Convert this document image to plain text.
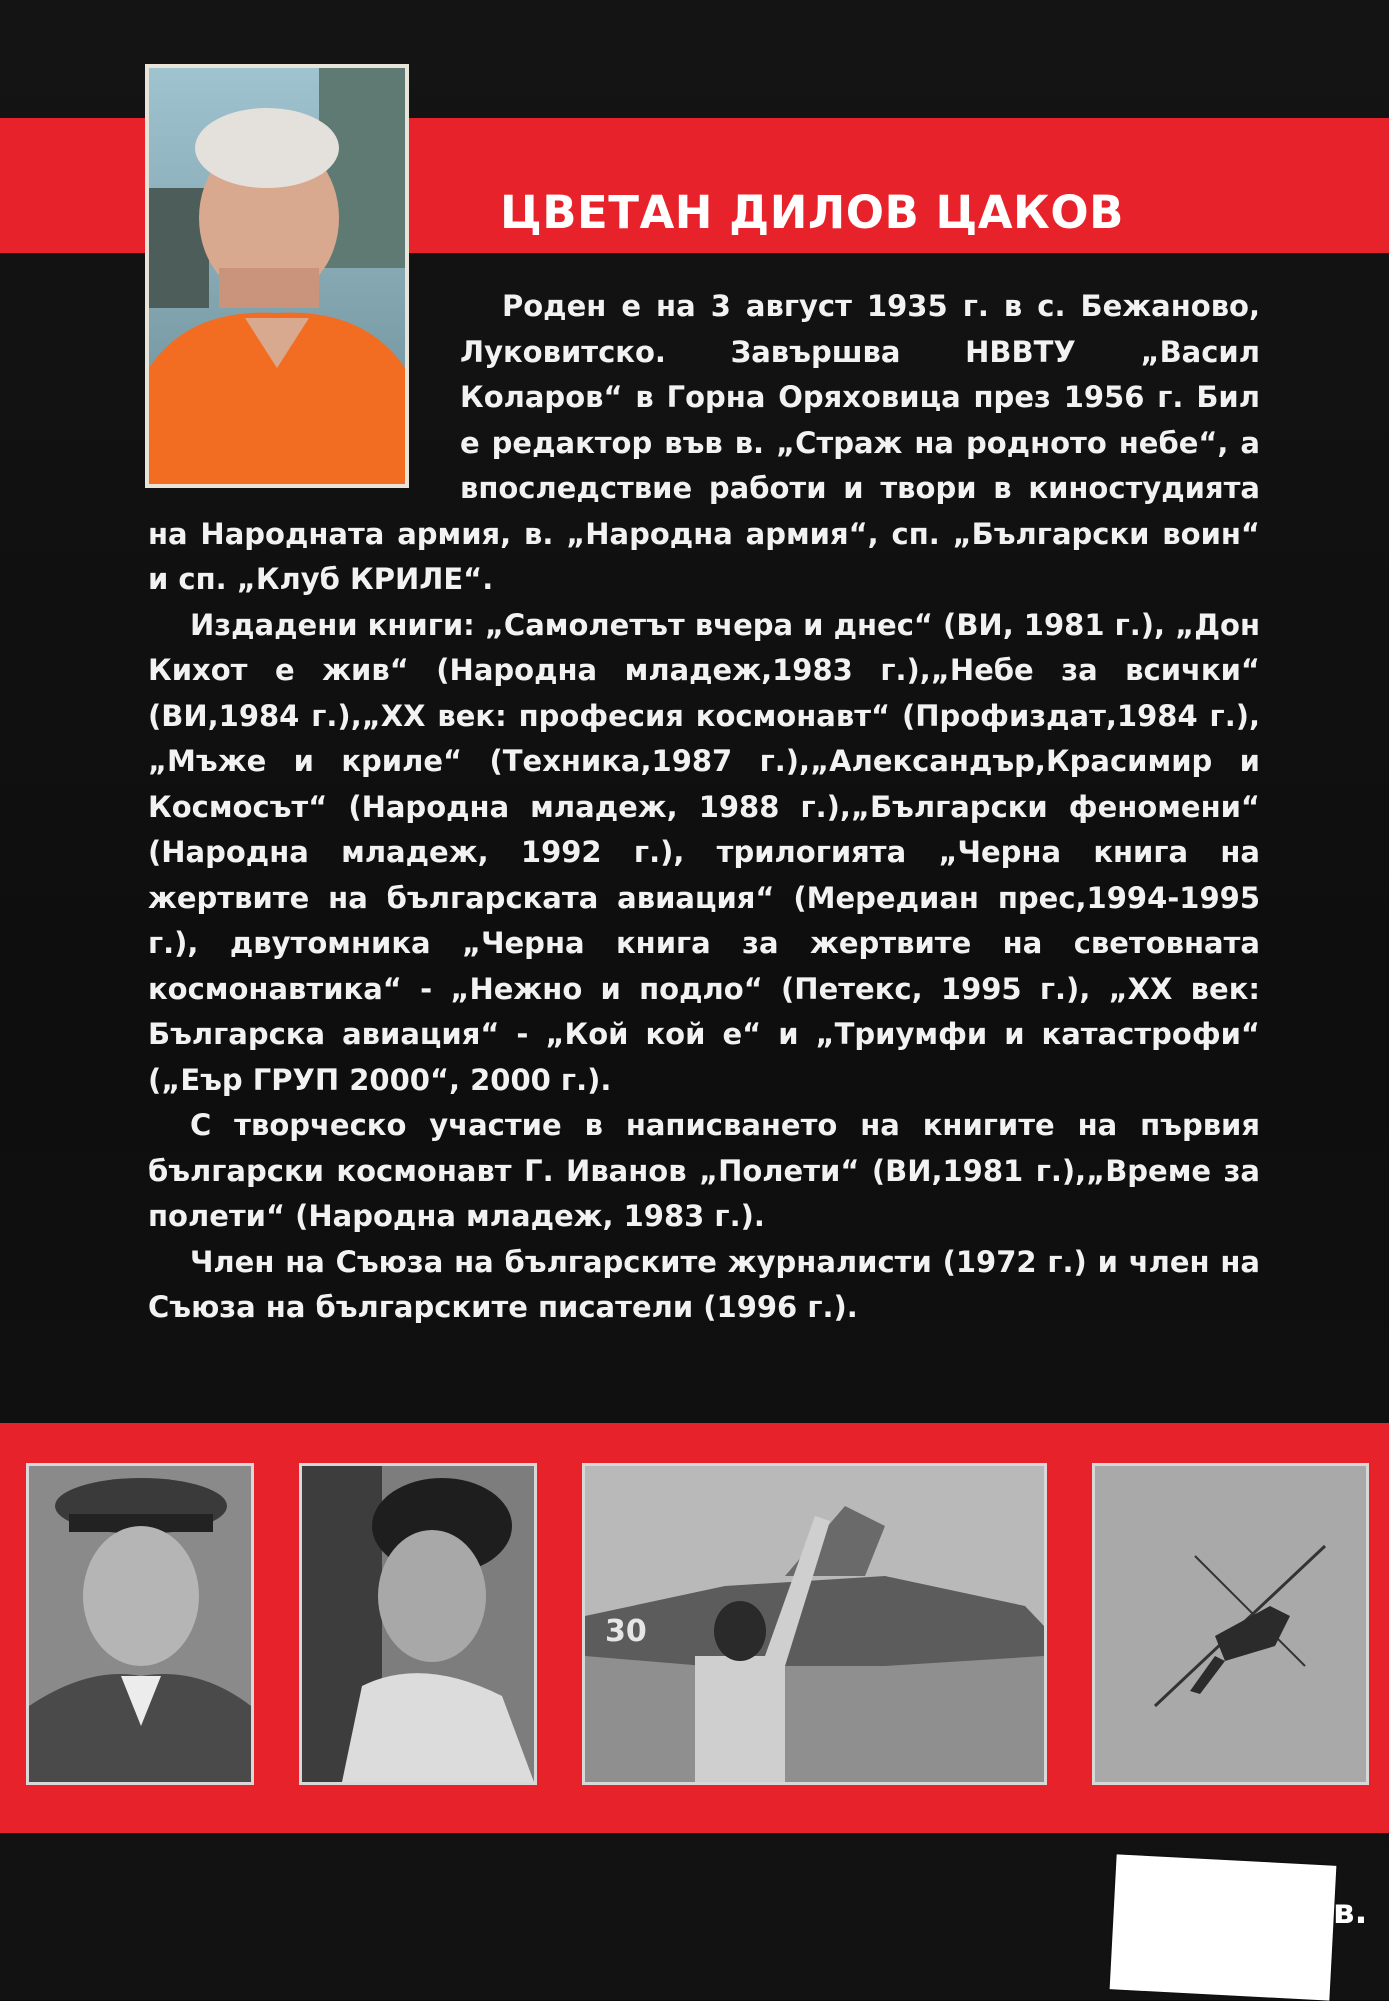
ЦВЕТАН ДИЛОВ ЦАКОВ

Роден е на 3 август 1935 г. в с. Бежаново, Луковитско. Завършва НВВТУ „Васил Коларов“ в Горна Оряховица през 1956 г. Бил е редактор във в. „Страж на родното небе“, а впоследствие работи и твори в киностудията на Народната армия, в. „Народна армия“, сп. „Български воин“ и сп. „Клуб КРИЛЕ“.

Издадени книги: „Самолетът вчера и днес“ (ВИ, 1981 г.), „Дон Кихот е жив“ (Народна младеж,1983 г.),„Небе за всички“ (ВИ,1984 г.),„XX век: професия космонавт“ (Профиздат,1984 г.),„Мъже и криле“ (Техника,1987 г.),„Александър,Красимир и Космосът“ (Народна младеж, 1988 г.),„Български феномени“ (Народна младеж, 1992 г.), трилогията „Черна книга на жертвите на българската авиация“ (Мередиан прес,1994-1995 г.), двутомника „Черна книга за жертвите на световната космонавтика“ - „Нежно и подло“ (Петекс, 1995 г.), „XX век: Българска авиация“ - „Кой кой е“ и „Триумфи и катастрофи“ („Еър ГРУП 2000“, 2000 г.).

С творческо участие в написването на книгите на първия български космонавт Г. Иванов „Полети“ (ВИ,1981 г.),„Време за полети“ (Народна младеж, 1983 г.).

Член на Съюза на българските журналисти (1972 г.) и член на Съюза на българските писатели (1996 г.).

30
в.
